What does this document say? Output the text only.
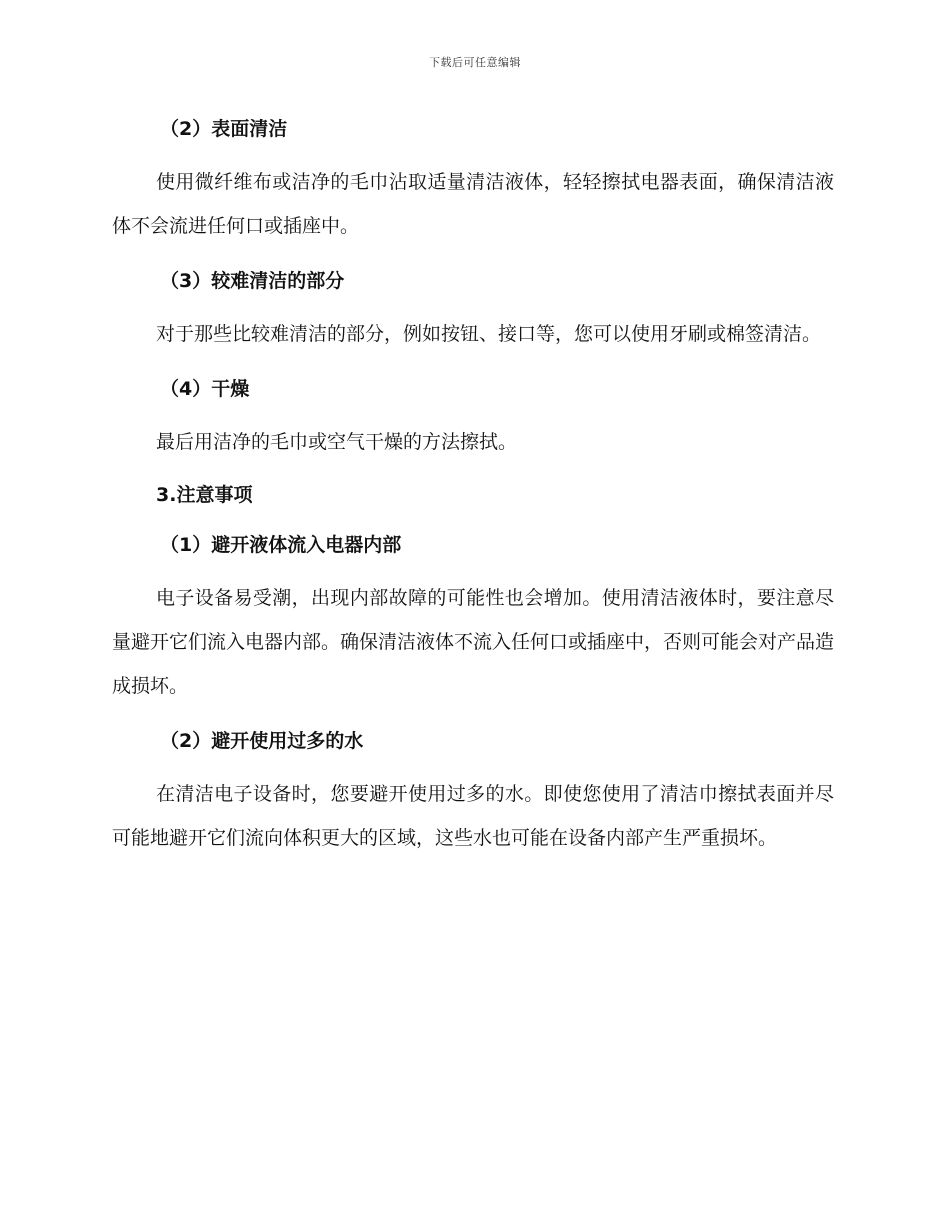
下载后可任意编辑

（2）表面清洁

使用微纤维布或洁净的毛巾沾取适量清洁液体，轻轻擦拭电器表面，确保清洁液体不会流进任何口或插座中。

（3）较难清洁的部分

对于那些比较难清洁的部分，例如按钮、接口等，您可以使用牙刷或棉签清洁。

（4）干燥

最后用洁净的毛巾或空气干燥的方法擦拭。

3.注意事项

（1）避开液体流入电器内部

电子设备易受潮，出现内部故障的可能性也会增加。使用清洁液体时，要注意尽量避开它们流入电器内部。确保清洁液体不流入任何口或插座中，否则可能会对产品造成损坏。

（2）避开使用过多的水

在清洁电子设备时，您要避开使用过多的水。即使您使用了清洁巾擦拭表面并尽可能地避开它们流向体积更大的区域，这些水也可能在设备内部产生严重损坏。
